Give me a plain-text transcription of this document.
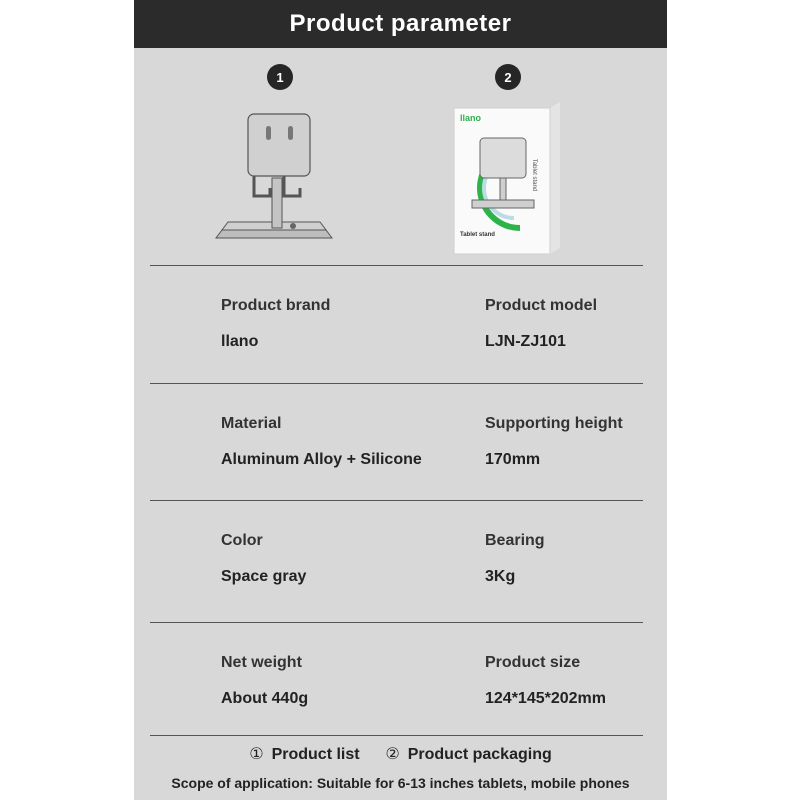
Product parameter
1	2
llano
Tablet stand
Tablet stand
Product brand	Product model
llano	LJN-ZJ101
Material	Supporting height
Aluminum Alloy + Silicone	170mm
Color	Bearing
Space gray	3Kg
Net weight	Product size
About 440g	124*145*202mm
① Product list ② Product packaging
Scope of application: Suitable for 6-13 inches tablets, mobile phones
